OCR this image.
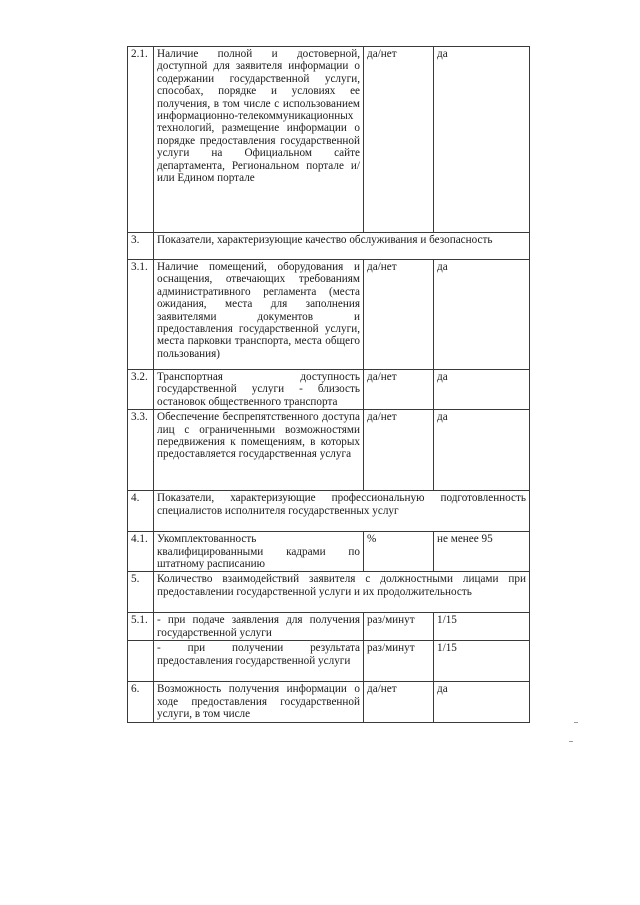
2.1.	Наличие полной и достоверной, доступной для заявителя информации о содержании государственной услуги, способах, порядке и условиях ее получения, в том числе с использованием информационно-телекоммуникационных технологий, размещение информации о порядке предоставления государственной услуги на Официальном сайте департамента, Региональном портале и/или Едином портале	да/нет	да
3.	Показатели, характеризующие качество обслуживания и безопасность		
3.1.	Наличие помещений, оборудования и оснащения, отвечающих требованиям административного регламента (места ожидания, места для заполнения заявителями документов и предоставления государственной услуги, места парковки транспорта, места общего пользования)	да/нет	да
3.2.	Транспортная доступность государственной услуги - близость остановок общественного транспорта	да/нет	да
3.3.	Обеспечение беспрепятственного доступа лиц с ограниченными возможностями передвижения к помещениям, в которых предоставляется государственная услуга	да/нет	да
4.	Показатели, характеризующие профессиональную подготовленность специалистов исполнителя государственных услуг		
4.1.	Укомплектованность квалифицированными кадрами по штатному расписанию	%	не менее 95
5.	Количество взаимодействий заявителя с должностными лицами при предоставлении государственной услуги и их продолжительность		
5.1.	- при подаче заявления для получения государственной услуги	раз/минут	1/15
	- при получении результата предоставления государственной услуги	раз/минут	1/15
6.	Возможность получения информации о ходе предоставления государственной услуги, в том числе	да/нет	да
